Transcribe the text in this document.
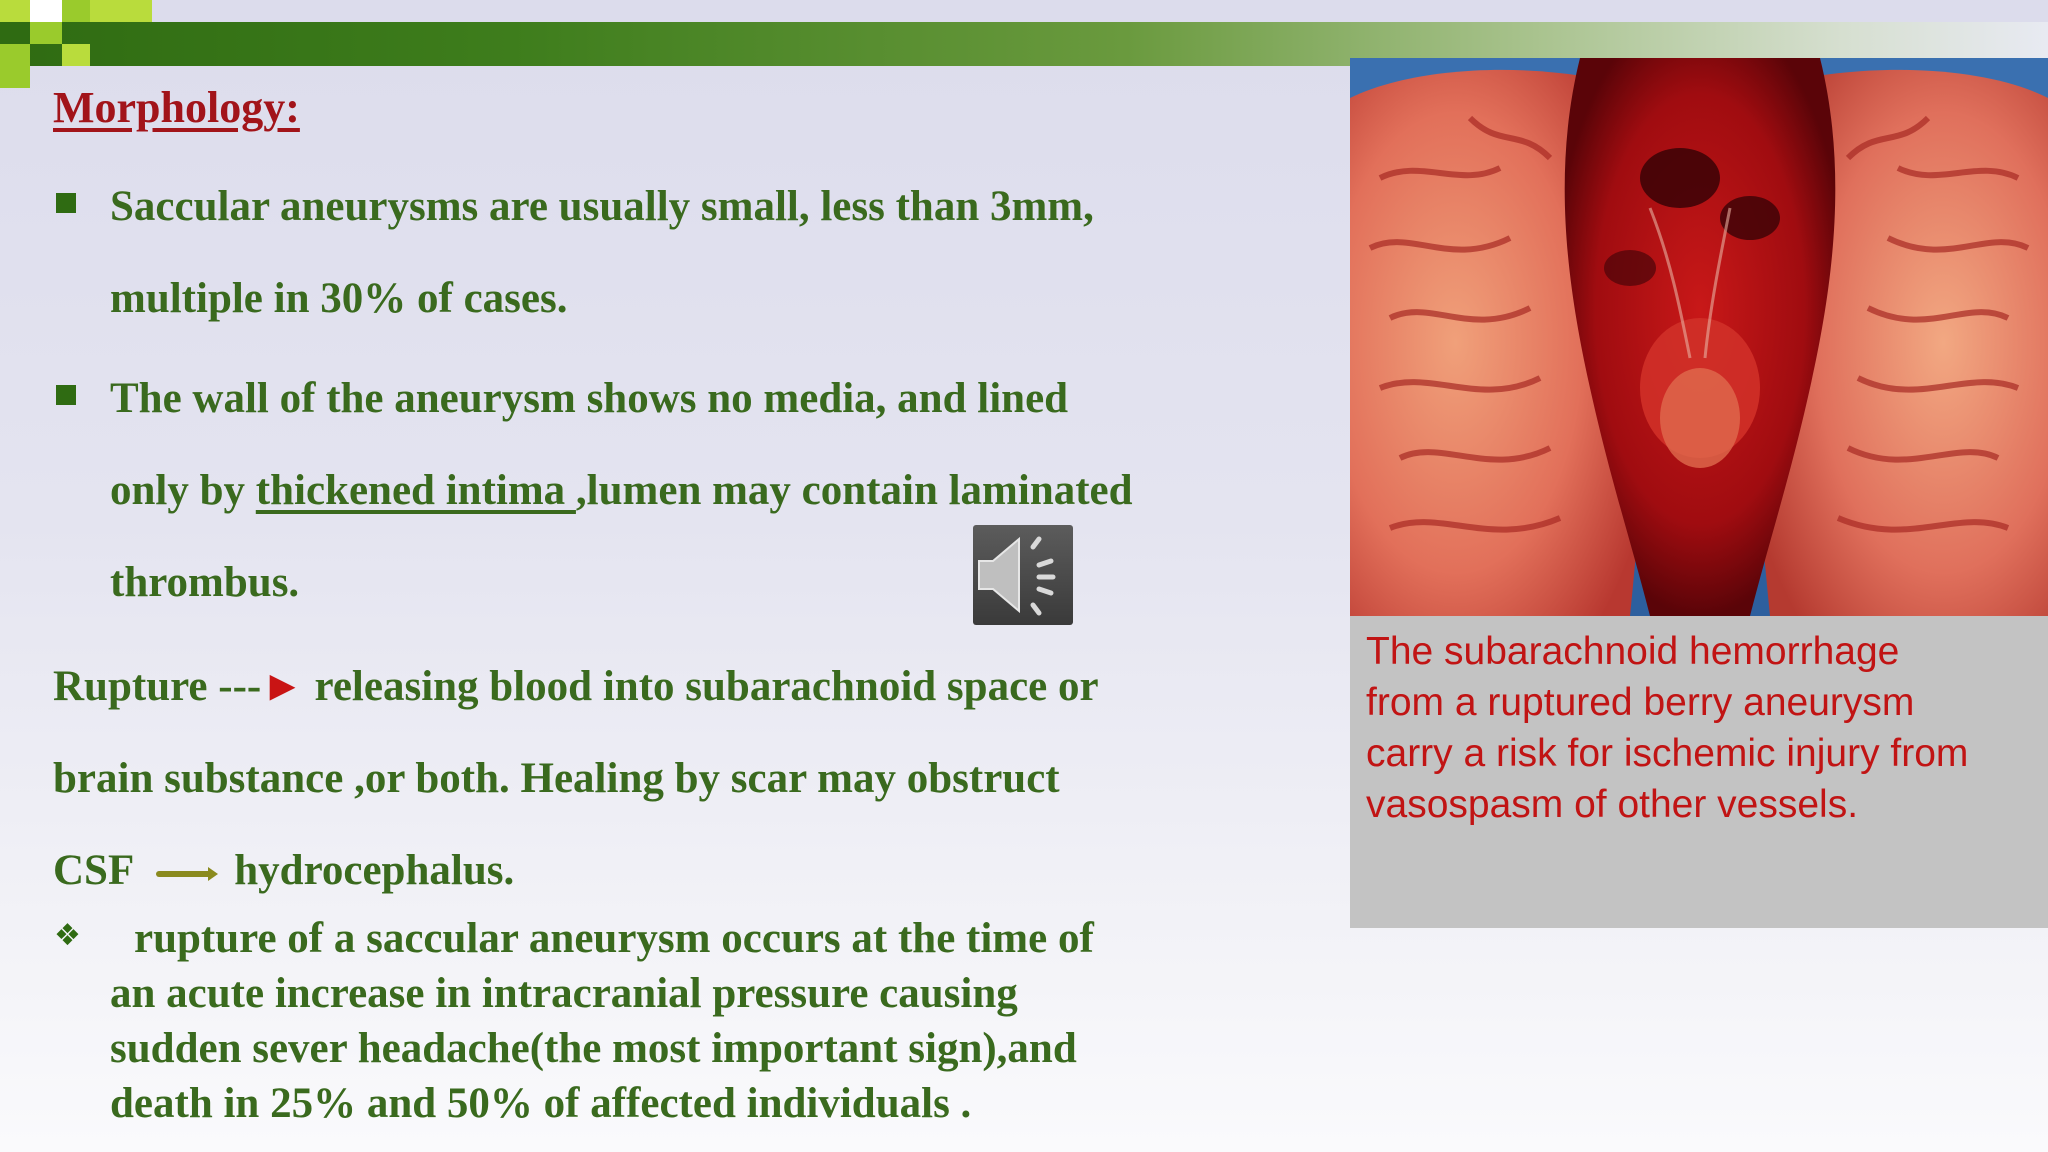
Morphology:
Saccular aneurysms are usually small, less than 3mm,
multiple in 30% of cases.
The wall of the aneurysm shows no media, and lined
only by thickened intima ,lumen may contain laminated
thrombus.
Rupture ---► releasing blood into subarachnoid space or
brain substance ,or both. Healing by scar may obstruct
CSF hydrocephalus.
❖ rupture of a saccular aneurysm occurs at the time of
an acute increase in intracranial pressure causing
sudden sever headache(the most important sign),and
death in 25% and 50% of affected individuals .
The subarachnoid hemorrhage
from a ruptured berry aneurysm
carry a risk for ischemic injury from
vasospasm of other vessels.
